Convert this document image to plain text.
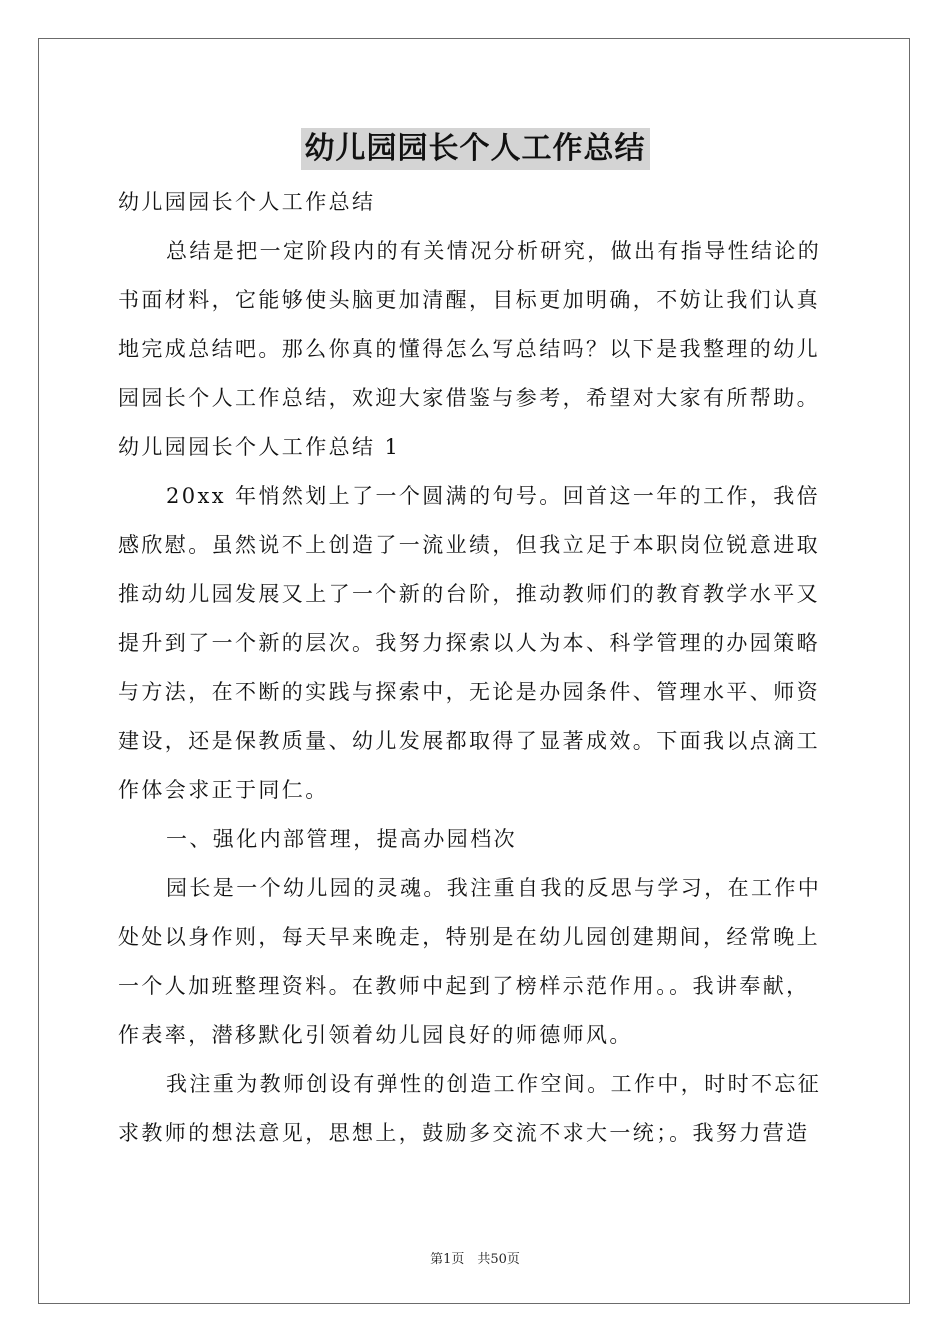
幼儿园园长个人工作总结
幼儿园园长个人工作总结
总结是把一定阶段内的有关情况分析研究，做出有指导性结论的
书面材料，它能够使头脑更加清醒，目标更加明确，不妨让我们认真
地完成总结吧。那么你真的懂得怎么写总结吗？以下是我整理的幼儿
园园长个人工作总结，欢迎大家借鉴与参考，希望对大家有所帮助。
幼儿园园长个人工作总结 1
20xx 年悄然划上了一个圆满的句号。回首这一年的工作，我倍
感欣慰。虽然说不上创造了一流业绩，但我立足于本职岗位锐意进取
推动幼儿园发展又上了一个新的台阶，推动教师们的教育教学水平又
提升到了一个新的层次。我努力探索以人为本、科学管理的办园策略
与方法，在不断的实践与探索中，无论是办园条件、管理水平、师资
建设，还是保教质量、幼儿发展都取得了显著成效。下面我以点滴工
作体会求正于同仁。
一、强化内部管理，提高办园档次
园长是一个幼儿园的灵魂。我注重自我的反思与学习，在工作中
处处以身作则，每天早来晚走，特别是在幼儿园创建期间，经常晚上
一个人加班整理资料。在教师中起到了榜样示范作用。。我讲奉献，
作表率，潜移默化引领着幼儿园良好的师德师风。
我注重为教师创设有弹性的创造工作空间。工作中，时时不忘征
求教师的想法意见，思想上，鼓励多交流不求大一统；。我努力营造
第1页　共50页
